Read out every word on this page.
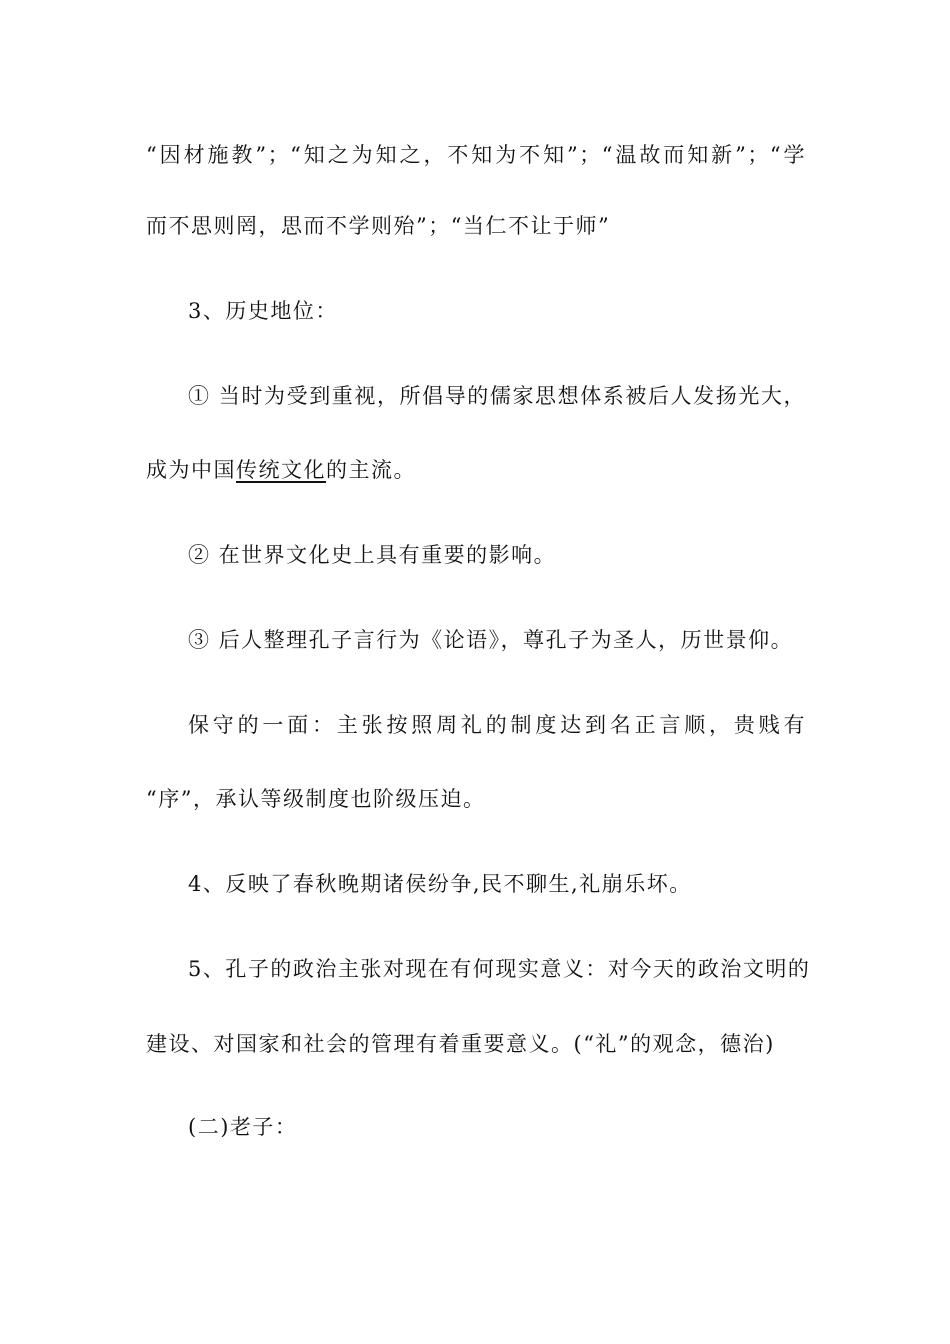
“因材施教”；“知之为知之，不知为不知”；“温故而知新”；“学
而不思则罔，思而不学则殆”；“当仁不让于师”
3、历史地位：
① 当时为受到重视，所倡导的儒家思想体系被后人发扬光大，
成为中国传统文化的主流。
② 在世界文化史上具有重要的影响。
③ 后人整理孔子言行为《论语》，尊孔子为圣人，历世景仰。
保守的一面：主张按照周礼的制度达到名正言顺，贵贱有
“序”，承认等级制度也阶级压迫。
4、反映了春秋晚期诸侯纷争,民不聊生,礼崩乐坏。
5、孔子的政治主张对现在有何现实意义：对今天的政治文明的
建设、对国家和社会的管理有着重要意义。(“礼”的观念，德治)
(二)老子：
